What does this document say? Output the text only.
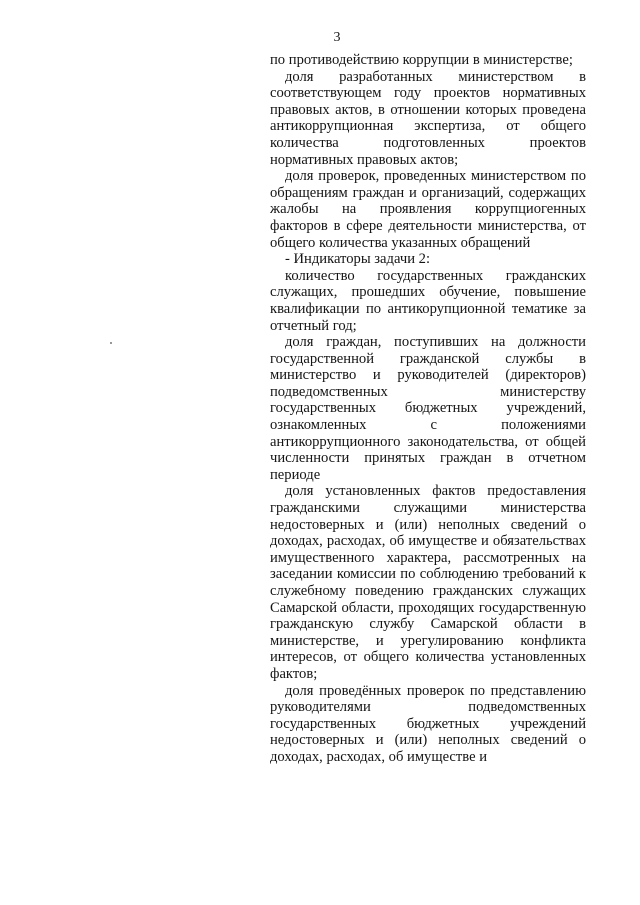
3

по противодействию коррупции в министерстве;

доля разработанных министерством в соответствующем году проектов нормативных правовых актов, в отношении которых проведена антикоррупционная экспертиза, от общего количества подготовленных проектов нормативных правовых актов;

доля проверок, проведенных министерством по обращениям граждан и организаций, содержащих жалобы на проявления коррупциогенных факторов в сфере деятельности министерства, от общего количества указанных обращений

- Индикаторы задачи 2:

количество государственных гражданских служащих, прошедших обучение, повышение квалификации по антикорупционной тематике за отчетный год;

доля граждан, поступивших на должности государственной гражданской службы в министерство и руководителей (директоров) подведомственных министерству государственных бюджетных учреждений, ознакомленных с положениями антикоррупционного законодательства, от общей численности принятых граждан в отчетном периоде

доля установленных фактов предоставления гражданскими служащими министерства недостоверных и (или) неполных сведений о доходах, расходах, об имуществе и обязательствах имущественного характера, рассмотренных на заседании комиссии по соблюдению требований к служебному поведению гражданских служащих Самарской области, проходящих государственную гражданскую службу Самарской области в министерстве, и урегулированию конфликта интересов, от общего количества установленных фактов;

доля проведённых проверок по представлению руководителями подведомственных государственных бюджетных учреждений недостоверных и (или) неполных сведений о доходах, расходах, об имуществе и
